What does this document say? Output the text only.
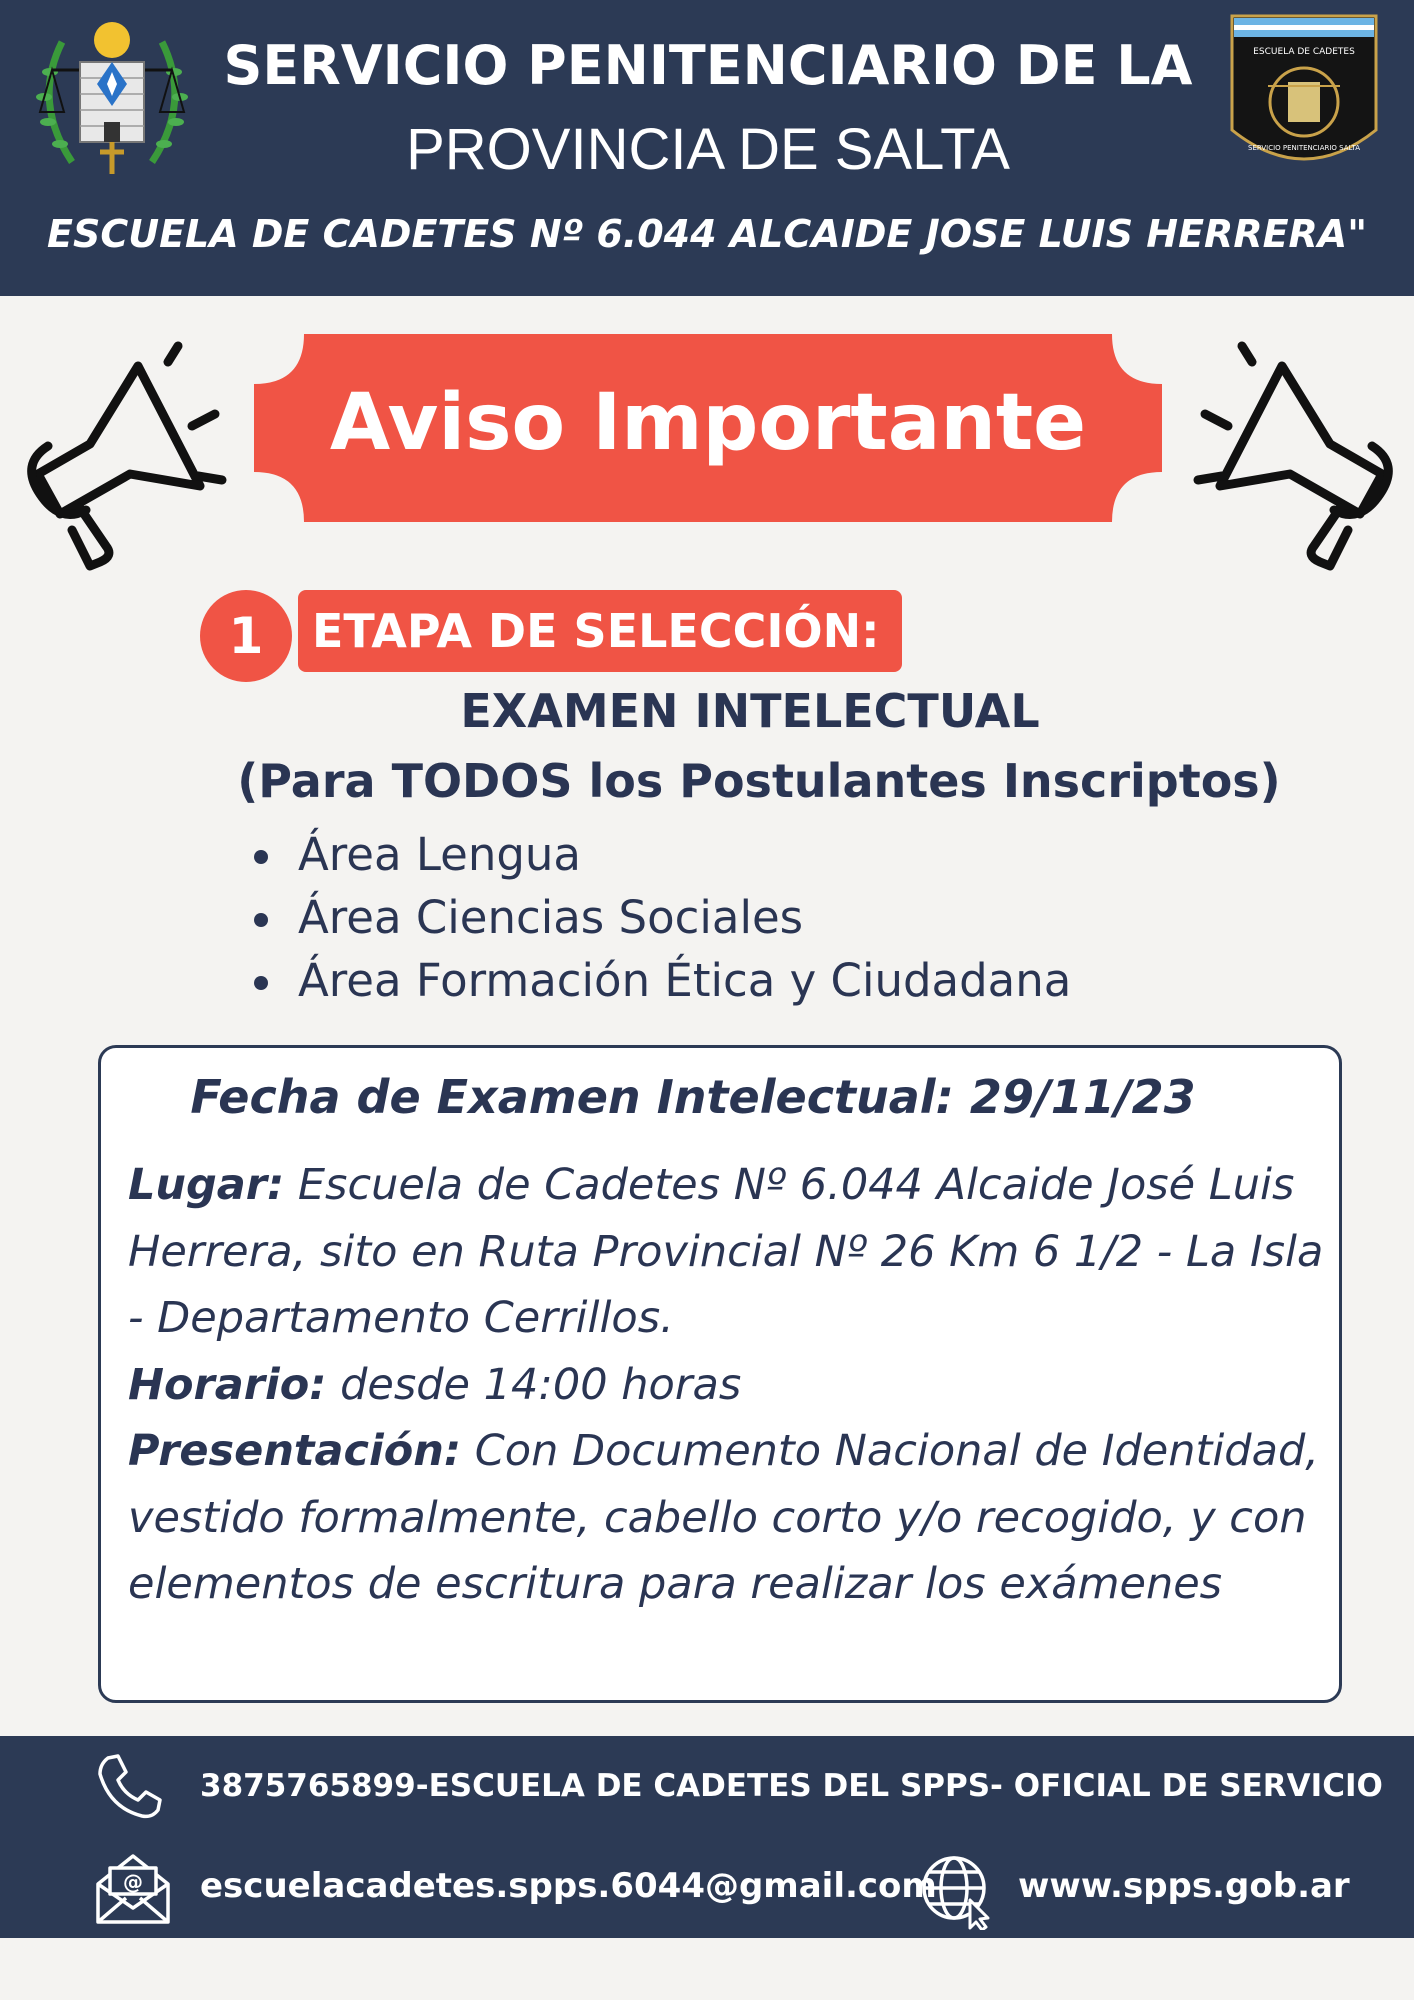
SERVICIO PENITENCIARIO DE LA
PROVINCIA DE SALTA
ESCUELA DE CADETES
SERVICIO PENITENCIARIO SALTA
ESCUELA DE CADETES Nº 6.044 ALCAIDE JOSE LUIS HERRERA"
Aviso Importante
1	ETAPA DE SELECCIÓN:
EXAMEN INTELECTUAL
(Para TODOS los Postulantes Inscriptos)
Área Lengua
Área Ciencias Sociales
Área Formación Ética y Ciudadana
Fecha de Examen Intelectual: 29/11/23
Lugar: Escuela de Cadetes Nº 6.044 Alcaide José Luis Herrera, sito en Ruta Provincial Nº 26 Km 6 1/2 - La Isla - Departamento Cerrillos.
Horario: desde 14:00 horas
Presentación: Con Documento Nacional de Identidad, vestido formalmente, cabello corto y/o recogido, y con elementos de escritura para realizar los exámenes
3875765899-ESCUELA DE CADETES DEL SPPS- OFICIAL DE SERVICIO
@ escuelacadetes.spps.6044@gmail.com www.spps.gob.ar
